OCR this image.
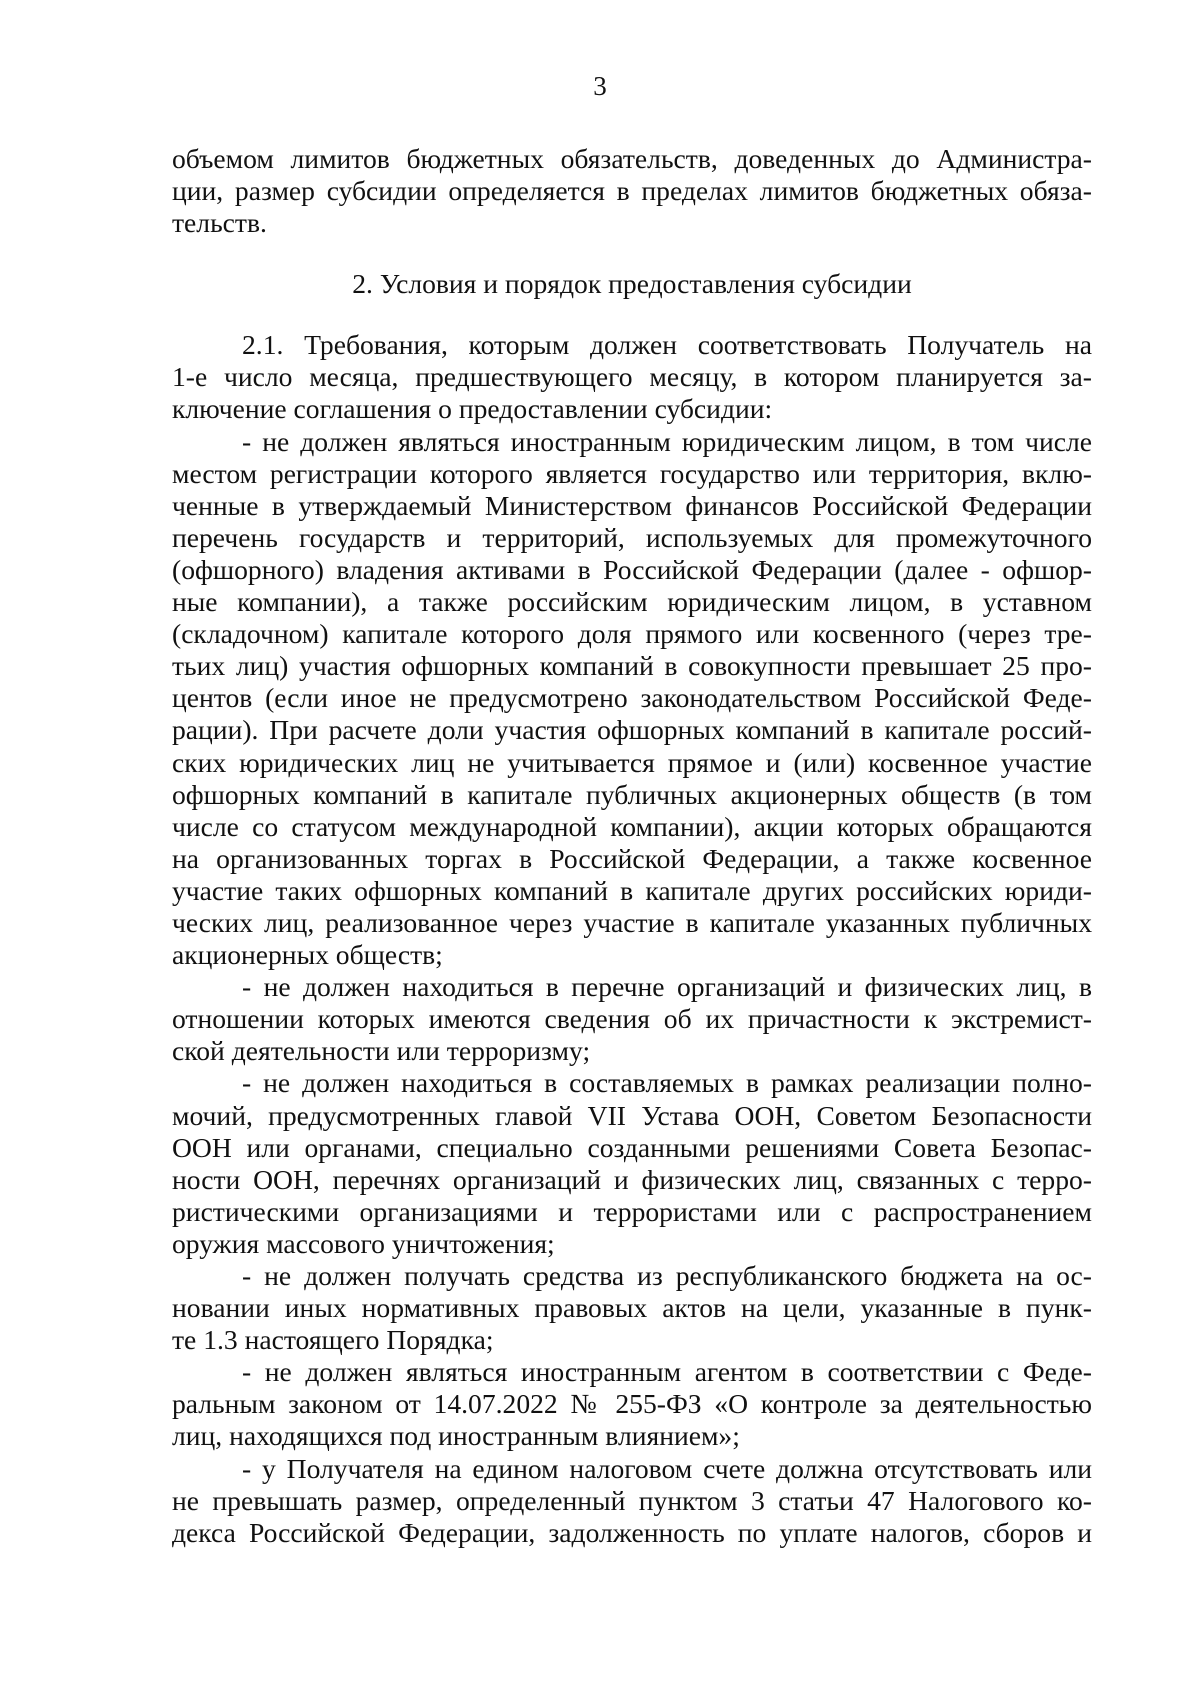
3
объемом лимитов бюджетных обязательств, доведенных до Администра-
ции, размер субсидии определяется в пределах лимитов бюджетных обяза-
тельств.
2. Условия и порядок предоставления субсидии
2.1. Требования, которым должен соответствовать Получатель на
1-е число месяца, предшествующего месяцу, в котором планируется за-
ключение соглашения о предоставлении субсидии:
- не должен являться иностранным юридическим лицом, в том числе
местом регистрации которого является государство или территория, вклю-
ченные в утверждаемый Министерством финансов Российской Федерации
перечень государств и территорий, используемых для промежуточного
(офшорного) владения активами в Российской Федерации (далее - офшор-
ные компании), а также российским юридическим лицом, в уставном
(складочном) капитале которого доля прямого или косвенного (через тре-
тьих лиц) участия офшорных компаний в совокупности превышает 25 про-
центов (если иное не предусмотрено законодательством Российской Феде-
рации). При расчете доли участия офшорных компаний в капитале россий-
ских юридических лиц не учитывается прямое и (или) косвенное участие
офшорных компаний в капитале публичных акционерных обществ (в том
числе со статусом международной компании), акции которых обращаются
на организованных торгах в Российской Федерации, а также косвенное
участие таких офшорных компаний в капитале других российских юриди-
ческих лиц, реализованное через участие в капитале указанных публичных
акционерных обществ;
- не должен находиться в перечне организаций и физических лиц, в
отношении которых имеются сведения об их причастности к экстремист-
ской деятельности или терроризму;
- не должен находиться в составляемых в рамках реализации полно-
мочий, предусмотренных главой VII Устава ООН, Советом Безопасности
ООН или органами, специально созданными решениями Совета Безопас-
ности ООН, перечнях организаций и физических лиц, связанных с терро-
ристическими организациями и террористами или с распространением
оружия массового уничтожения;
- не должен получать средства из республиканского бюджета на ос-
новании иных нормативных правовых актов на цели, указанные в пунк-
те 1.3 настоящего Порядка;
- не должен являться иностранным агентом в соответствии с Феде-
ральным законом от 14.07.2022 № 255-ФЗ «О контроле за деятельностью
лиц, находящихся под иностранным влиянием»;
- у Получателя на едином налоговом счете должна отсутствовать или
не превышать размер, определенный пунктом 3 статьи 47 Налогового ко-
декса Российской Федерации, задолженность по уплате налогов, сборов и
